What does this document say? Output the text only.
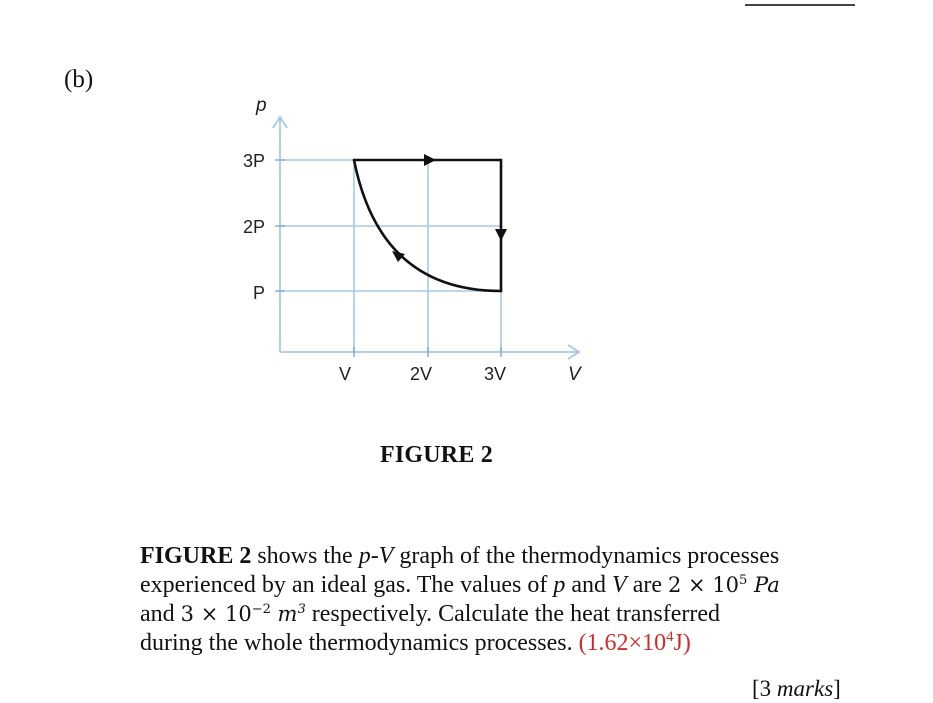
(b)
p
V
3P
2P
P
V	2V	3V
FIGURE 2
FIGURE 2 shows the p-V graph of the thermodynamics processes
experienced by an ideal gas. The values of p and V are $2 \times 10^5$ Pa
and $3 \times 10^{-2}$ $m^3$ respectively. Calculate the heat transferred
during the whole thermodynamics processes. $(1.62\times 10^4J)$
[3 marks]
